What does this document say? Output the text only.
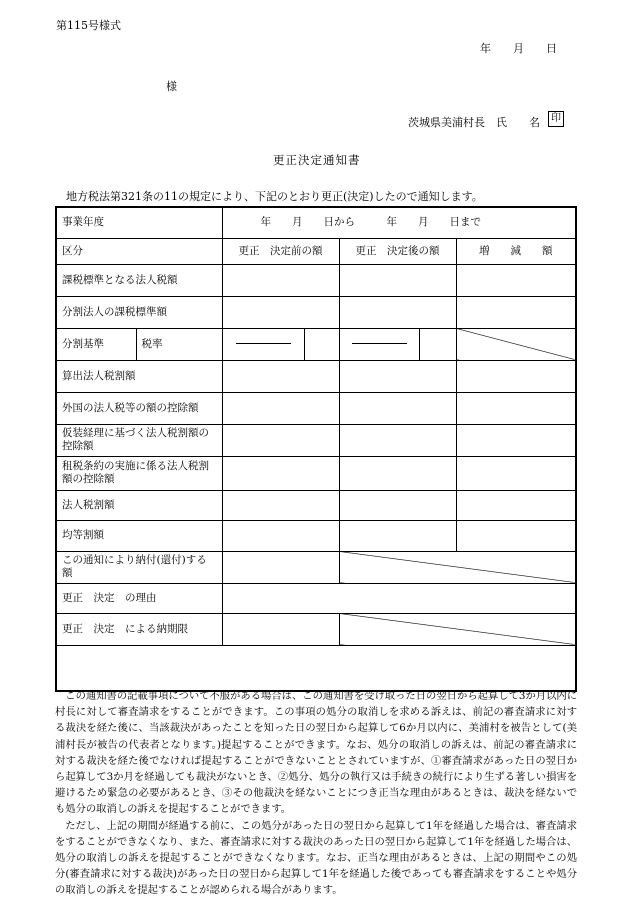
第115号様式
年　　月　　日
様
茨城県美浦村長　氏　　名	印
更正決定通知書
地方税法第321条の11の規定により、下記のとおり更正(決定)したので通知します。
事業年度		年　　月　　日から　　　年　　月　　日まで				
区分		更正　決定前の額		更正　決定後の額		増　　減　　額
課税標準となる法人税額						
分割法人の課税標準額						
分割基準	税率					
算出法人税割額						
外国の法人税等の額の控除額						
仮装経理に基づく法人税割額の控除額						
租税条約の実施に係る法人税割額の控除額						
法人税割額						
均等割額						
この通知により納付(還付)する額						
更正　決定　の理由						
更正　決定　による納期限						

この通知書の記載事項について不服がある場合は、この通知書を受け取った日の翌日から起算して3か月以内に村長に対して審査請求をすることができます。この事項の処分の取消しを求める訴えは、前記の審査請求に対する裁決を経た後に、当該裁決があったことを知った日の翌日から起算して6か月以内に、美浦村を被告として(美浦村長が被告の代表者となります。)提起することができます。なお、処分の取消しの訴えは、前記の審査請求に対する裁決を経た後でなければ提起することができないこととされていますが、①審査請求があった日の翌日から起算して3か月を経過しても裁決がないとき、②処分、処分の執行又は手続きの続行により生ずる著しい損害を避けるため緊急の必要があるとき、③その他裁決を経ないことにつき正当な理由があるときは、裁決を経ないでも処分の取消しの訴えを提起することができます。

ただし、上記の期間が経過する前に、この処分があった日の翌日から起算して1年を経過した場合は、審査請求をすることができなくなり、また、審査請求に対する裁決のあった日の翌日から起算して1年を経過した場合は、処分の取消しの訴えを提起することができなくなります。なお、正当な理由があるときは、上記の期間やこの処分(審査請求に対する裁決)があった日の翌日から起算して1年を経過した後であっても審査請求をすることや処分の取消しの訴えを提起することが認められる場合があります。
